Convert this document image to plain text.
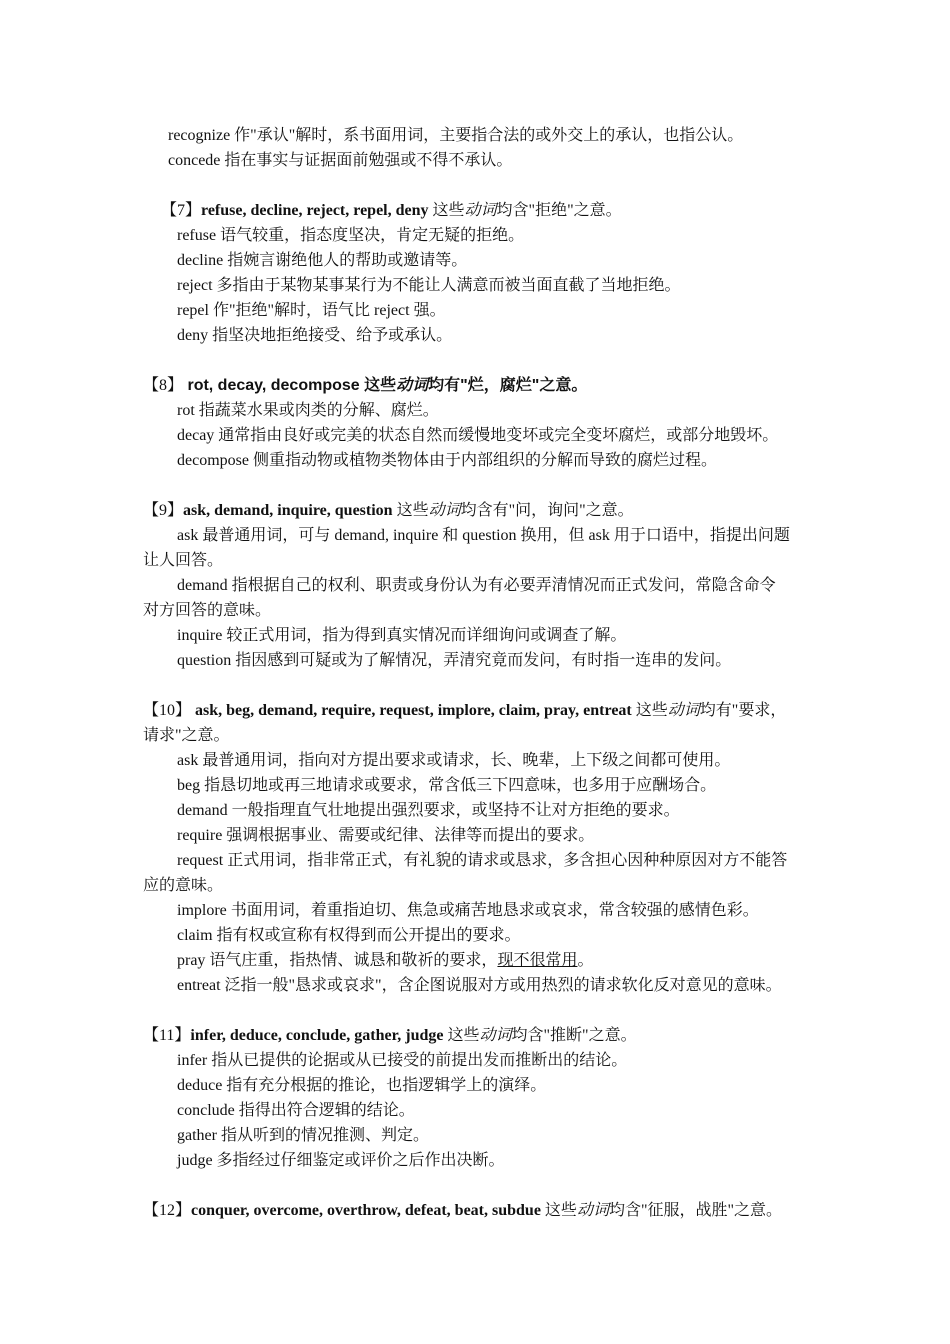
recognize 作"承认"解时，系书面用词，主要指合法的或外交上的承认，也指公认。
concede 指在事实与证据面前勉强或不得不承认。
【7】refuse, decline, reject, repel, deny 这些动词均含"拒绝"之意。
refuse 语气较重，指态度坚决，肯定无疑的拒绝。
decline 指婉言谢绝他人的帮助或邀请等。
reject 多指由于某物某事某行为不能让人满意而被当面直截了当地拒绝。
repel 作"拒绝"解时，语气比 reject 强。
deny 指坚决地拒绝接受、给予或承认。
【8】 rot, decay, decompose 这些动词均有"烂，腐烂"之意。
rot 指蔬菜水果或肉类的分解、腐烂。
decay 通常指由良好或完美的状态自然而缓慢地变坏或完全变坏腐烂，或部分地毁坏。
decompose 侧重指动物或植物类物体由于内部组织的分解而导致的腐烂过程。
【9】ask, demand, inquire, question 这些动词均含有"问，询问"之意。
ask 最普通用词，可与 demand, inquire 和 question 换用，但 ask 用于口语中，指提出问题
让人回答。
demand 指根据自己的权利、职责或身份认为有必要弄清情况而正式发问，常隐含命令
对方回答的意味。
inquire 较正式用词，指为得到真实情况而详细询问或调查了解。
question 指因感到可疑或为了解情况，弄清究竟而发问，有时指一连串的发问。
【10】 ask, beg, demand, require, request, implore, claim, pray, entreat 这些动词均有"要求，
请求"之意。
ask 最普通用词，指向对方提出要求或请求，长、晚辈，上下级之间都可使用。
beg 指恳切地或再三地请求或要求，常含低三下四意味，也多用于应酬场合。
demand 一般指理直气壮地提出强烈要求，或坚持不让对方拒绝的要求。
require 强调根据事业、需要或纪律、法律等而提出的要求。
request 正式用词，指非常正式，有礼貌的请求或恳求，多含担心因种种原因对方不能答
应的意味。
implore 书面用词，着重指迫切、焦急或痛苦地恳求或哀求，常含较强的感情色彩。
claim 指有权或宣称有权得到而公开提出的要求。
pray 语气庄重，指热情、诚恳和敬祈的要求，现不很常用。
entreat 泛指一般"恳求或哀求"，含企图说服对方或用热烈的请求软化反对意见的意味。
【11】infer, deduce, conclude, gather, judge 这些动词均含"推断"之意。
infer 指从已提供的论据或从已接受的前提出发而推断出的结论。
deduce 指有充分根据的推论，也指逻辑学上的演绎。
conclude 指得出符合逻辑的结论。
gather 指从听到的情况推测、判定。
judge 多指经过仔细鉴定或评价之后作出决断。
【12】conquer, overcome, overthrow, defeat, beat, subdue 这些动词均含"征服，战胜"之意。
